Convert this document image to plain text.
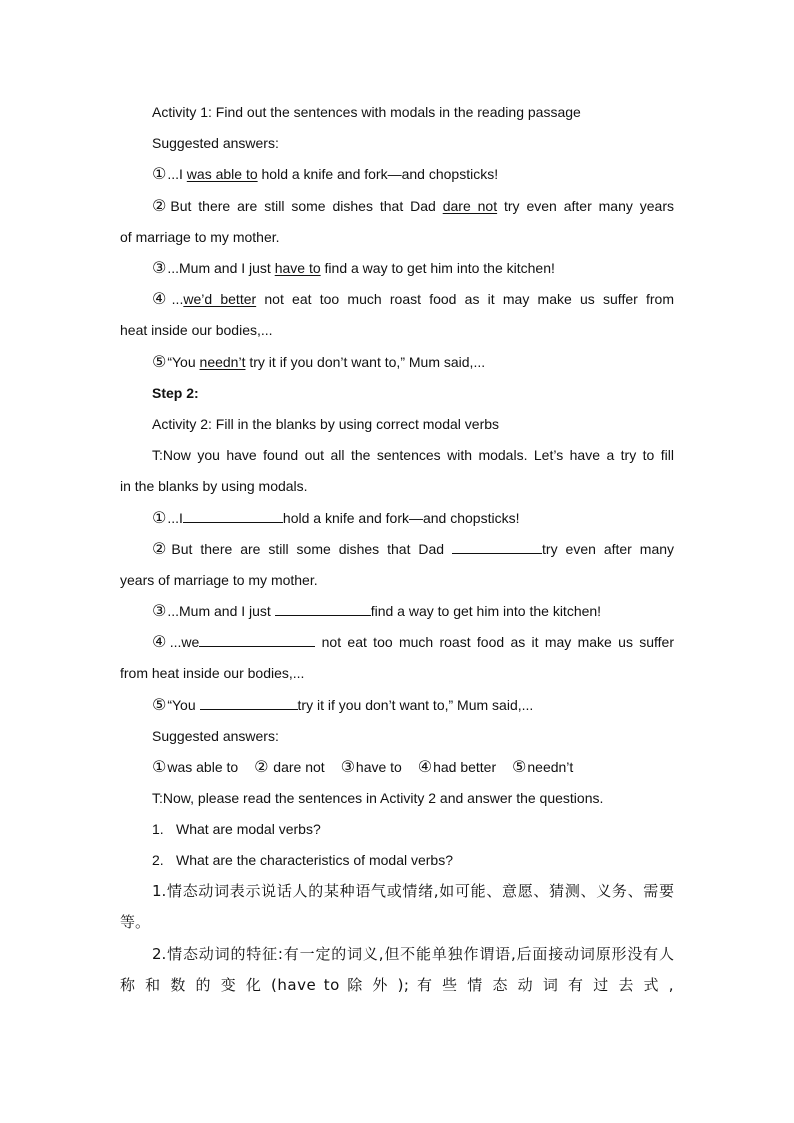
Activity 1: Find out the sentences with modals in the reading passage
Suggested answers:
①...I was able to hold a knife and fork—and chopsticks!
②But there are still some dishes that Dad dare not try even after many years
of marriage to my mother.
③...Mum and I just have to find a way to get him into the kitchen!
④...we’d better not eat too much roast food as it may make us suffer from
heat inside our bodies,...
⑤“You needn’t try it if you don’t want to,” Mum said,...
Step 2:
Activity 2: Fill in the blanks by using correct modal verbs
T:Now you have found out all the sentences with modals. Let’s have a try to fill
in the blanks by using modals.
①...I	hold a knife and fork—and chopsticks!
②But there are still some dishes that Dad	try even after many
years of marriage to my mother.
③...Mum and I just	find a way to get him into the kitchen!
④...we	not eat too much roast food as it may make us suffer
from heat inside our bodies,...
⑤“You	try it if you don’t want to,” Mum said,...
Suggested answers:
①was able to ② dare not ③have to ④had better ⑤needn’t
T:Now, please read the sentences in Activity 2 and answer the questions.
1. What are modal verbs?
2. What are the characteristics of modal verbs?
1.情态动词表示说话人的某种语气或情绪,如可能、意愿、猜测、义务、需要
等。
2.情态动词的特征:有一定的词义,但不能单独作谓语,后面接动词原形没有人
称 和 数 的 变 化 (have to 除 外 ); 有 些 情 态 动 词 有 过 去 式 ,
